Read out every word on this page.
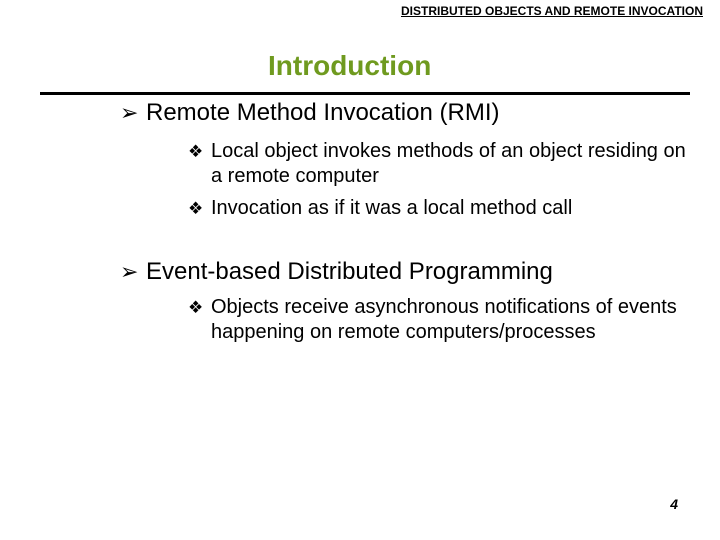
DISTRIBUTED OBJECTS AND REMOTE INVOCATION
Introduction
➢ Remote Method Invocation (RMI)
❖ Local object invokes methods of an object residing on a remote computer
❖ Invocation as if it was a local method call
➢ Event-based Distributed Programming
❖ Objects receive asynchronous notifications of events happening on remote computers/processes
4
